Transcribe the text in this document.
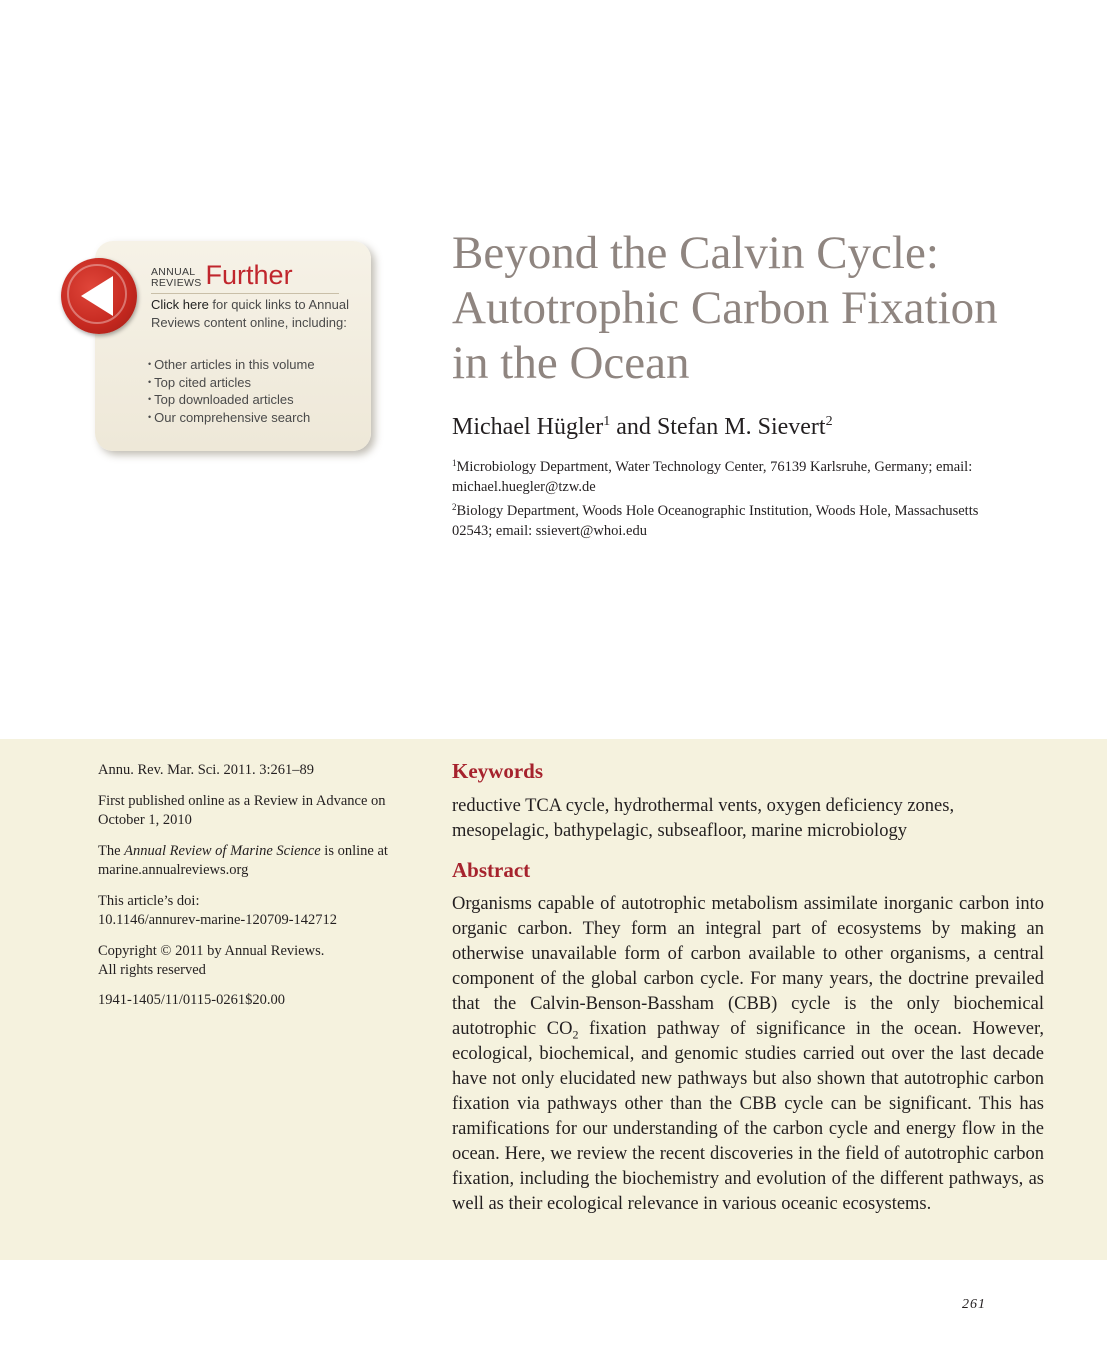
ANNUAL
REVIEWS Further
Click here for quick links to Annual Reviews content online, including:
• Other articles in this volume
• Top cited articles
• Top downloaded articles
• Our comprehensive search
Beyond the Calvin Cycle:
Autotrophic Carbon Fixation
in the Ocean
Michael Hügler$^1$ and Stefan M. Sievert$^2$
$^1$Microbiology Department, Water Technology Center, 76139 Karlsruhe, Germany; email: michael.huegler@tzw.de
$^2$Biology Department, Woods Hole Oceanographic Institution, Woods Hole, Massachusetts 02543; email: ssievert@whoi.edu
Annu. Rev. Mar. Sci. 2011. 3:261–89
First published online as a Review in Advance on October 1, 2010
The Annual Review of Marine Science is online at marine.annualreviews.org
This article’s doi:
10.1146/annurev-marine-120709-142712
Copyright © 2011 by Annual Reviews.
All rights reserved
1941-1405/11/0115-0261$20.00
Keywords
reductive TCA cycle, hydrothermal vents, oxygen deficiency zones, mesopelagic, bathypelagic, subseafloor, marine microbiology
Abstract
Organisms capable of autotrophic metabolism assimilate inorganic carbon into organic carbon. They form an integral part of ecosystems by making an otherwise unavailable form of carbon available to other organisms, a central component of the global carbon cycle. For many years, the doctrine prevailed that the Calvin-Benson-Bassham (CBB) cycle is the only biochemical autotrophic $CO_2$ fixation pathway of significance in the ocean. However, ecological, biochemical, and genomic studies carried out over the last decade have not only elucidated new pathways but also shown that autotrophic carbon fixation via pathways other than the CBB cycle can be significant. This has ramifications for our understanding of the carbon cycle and energy flow in the ocean. Here, we review the recent discoveries in the field of autotrophic carbon fixation, including the biochemistry and evolution of the different pathways, as well as their ecological relevance in various oceanic ecosystems.
261
